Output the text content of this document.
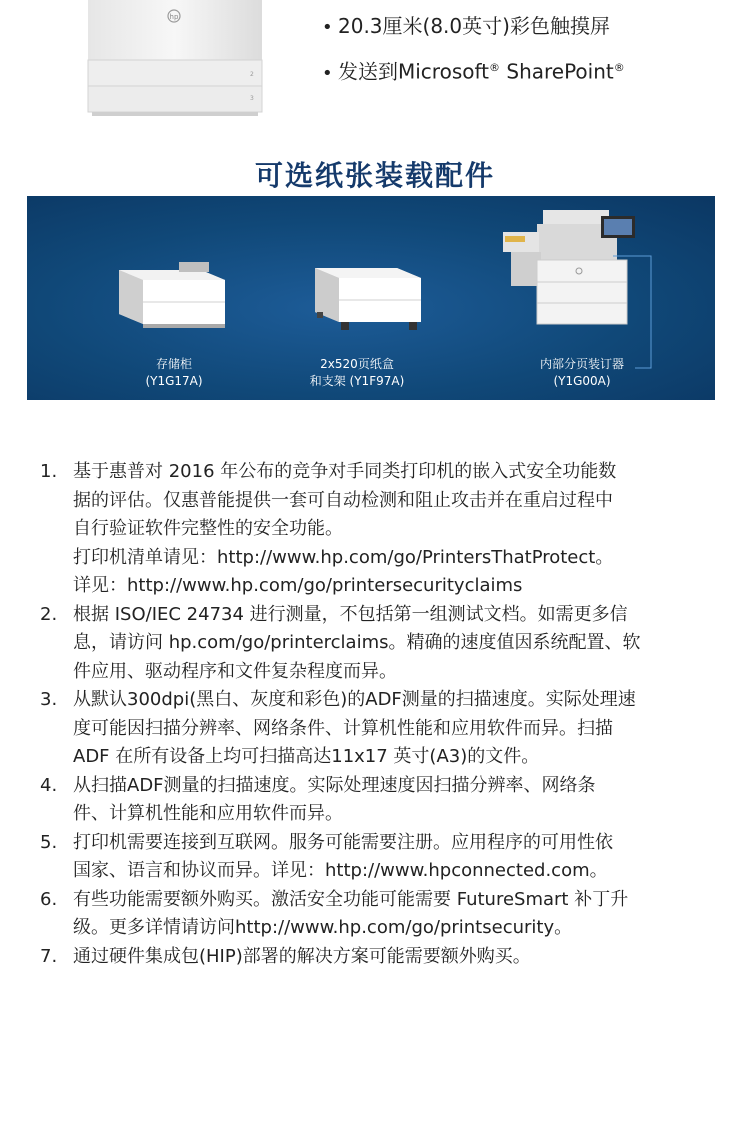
hp
2
3
• 20.3厘米(8.0英寸)彩色触摸屏
• 发送到Microsoft® SharePoint®
可选纸张装载配件
存储柜
(Y1G17A)
2x520页纸盒
和支架 (Y1F97A)
内部分页装订器
(Y1G00A)
1. 基于惠普对 2016 年公布的竞争对手同类打印机的嵌入式安全功能数
据的评估。仅惠普能提供一套可自动检测和阻止攻击并在重启过程中
自行验证软件完整性的安全功能。
打印机清单请见：http://www.hp.com/go/PrintersThatProtect。
详见：http://www.hp.com/go/printersecurityclaims
2. 根据 ISO/IEC 24734 进行测量，不包括第一组测试文档。如需更多信
息，请访问 hp.com/go/printerclaims。精确的速度值因系统配置、软
件应用、驱动程序和文件复杂程度而异。
3. 从默认300dpi(黑白、灰度和彩色)的ADF测量的扫描速度。实际处理速
度可能因扫描分辨率、网络条件、计算机性能和应用软件而异。扫描
ADF 在所有设备上均可扫描高达11x17 英寸(A3)的文件。
4. 从扫描ADF测量的扫描速度。实际处理速度因扫描分辨率、网络条
件、计算机性能和应用软件而异。
5. 打印机需要连接到互联网。服务可能需要注册。应用程序的可用性依
国家、语言和协议而异。详见：http://www.hpconnected.com。
6. 有些功能需要额外购买。激活安全功能可能需要 FutureSmart 补丁升
级。更多详情请访问http://www.hp.com/go/printsecurity。
7. 通过硬件集成包(HIP)部署的解决方案可能需要额外购买。
